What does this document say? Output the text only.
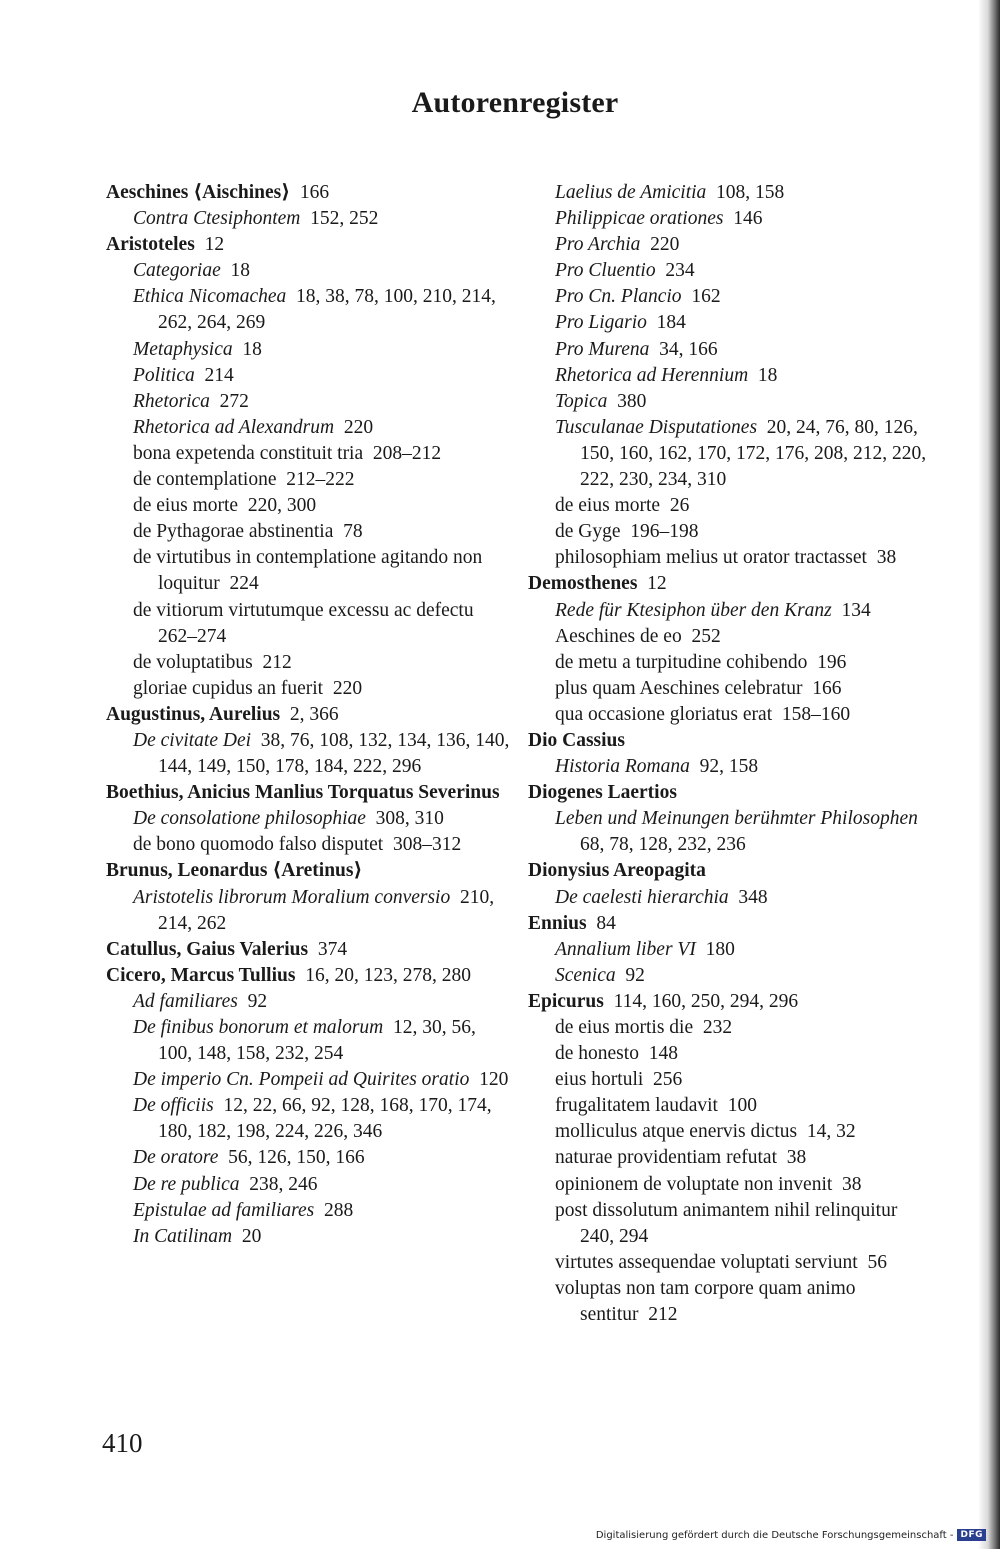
Autorenregister
Aeschines ⟨Aischines⟩  166
Contra Ctesiphontem  152, 252
Aristoteles  12
Categoriae  18
Ethica Nicomachea  18, 38, 78, 100, 210, 214, 262, 264, 269
Metaphysica  18
Politica  214
Rhetorica  272
Rhetorica ad Alexandrum  220
bona expetenda constituit tria  208–212
de contemplatione  212–222
de eius morte  220, 300
de Pythagorae abstinentia  78
de virtutibus in contemplatione agitando non loquitur  224
de vitiorum virtutumque excessu ac defectu 262–274
de voluptatibus  212
gloriae cupidus an fuerit  220
Augustinus, Aurelius  2, 366
De civitate Dei  38, 76, 108, 132, 134, 136, 140, 144, 149, 150, 178, 184, 222, 296
Boethius, Anicius Manlius Torquatus Severinus
De consolatione philosophiae  308, 310
de bono quomodo falso disputet  308–312
Brunus, Leonardus ⟨Aretinus⟩
Aristotelis librorum Moralium conversio  210, 214, 262
Catullus, Gaius Valerius  374
Cicero, Marcus Tullius  16, 20, 123, 278, 280
Ad familiares  92
De finibus bonorum et malorum  12, 30, 56, 100, 148, 158, 232, 254
De imperio Cn. Pompeii ad Quirites oratio  120
De officiis  12, 22, 66, 92, 128, 168, 170, 174, 180, 182, 198, 224, 226, 346
De oratore  56, 126, 150, 166
De re publica  238, 246
Epistulae ad familiares  288
In Catilinam  20
Laelius de Amicitia  108, 158
Philippicae orationes  146
Pro Archia  220
Pro Cluentio  234
Pro Cn. Plancio  162
Pro Ligario  184
Pro Murena  34, 166
Rhetorica ad Herennium  18
Topica  380
Tusculanae Disputationes  20, 24, 76, 80, 126, 150, 160, 162, 170, 172, 176, 208, 212, 220, 222, 230, 234, 310
de eius morte  26
de Gyge  196–198
philosophiam melius ut orator tractasset  38
Demosthenes  12
Rede für Ktesiphon über den Kranz  134
Aeschines de eo  252
de metu a turpitudine cohibendo  196
plus quam Aeschines celebratur  166
qua occasione gloriatus erat  158–160
Dio Cassius
Historia Romana  92, 158
Diogenes Laertios
Leben und Meinungen berühmter Philosophen 68, 78, 128, 232, 236
Dionysius Areopagita
De caelesti hierarchia  348
Ennius  84
Annalium liber VI  180
Scenica  92
Epicurus  114, 160, 250, 294, 296
de eius mortis die  232
de honesto  148
eius hortuli  256
frugalitatem laudavit  100
molliculus atque enervis dictus  14, 32
naturae providentiam refutat  38
opinionem de voluptate non invenit  38
post dissolutum animantem nihil relinquitur 240, 294
virtutes assequendae voluptati serviunt  56
voluptas non tam corpore quam animo sentitur  212
410
Digitalisierung gefördert durch die Deutsche Forschungsgemeinschaft - DFG
